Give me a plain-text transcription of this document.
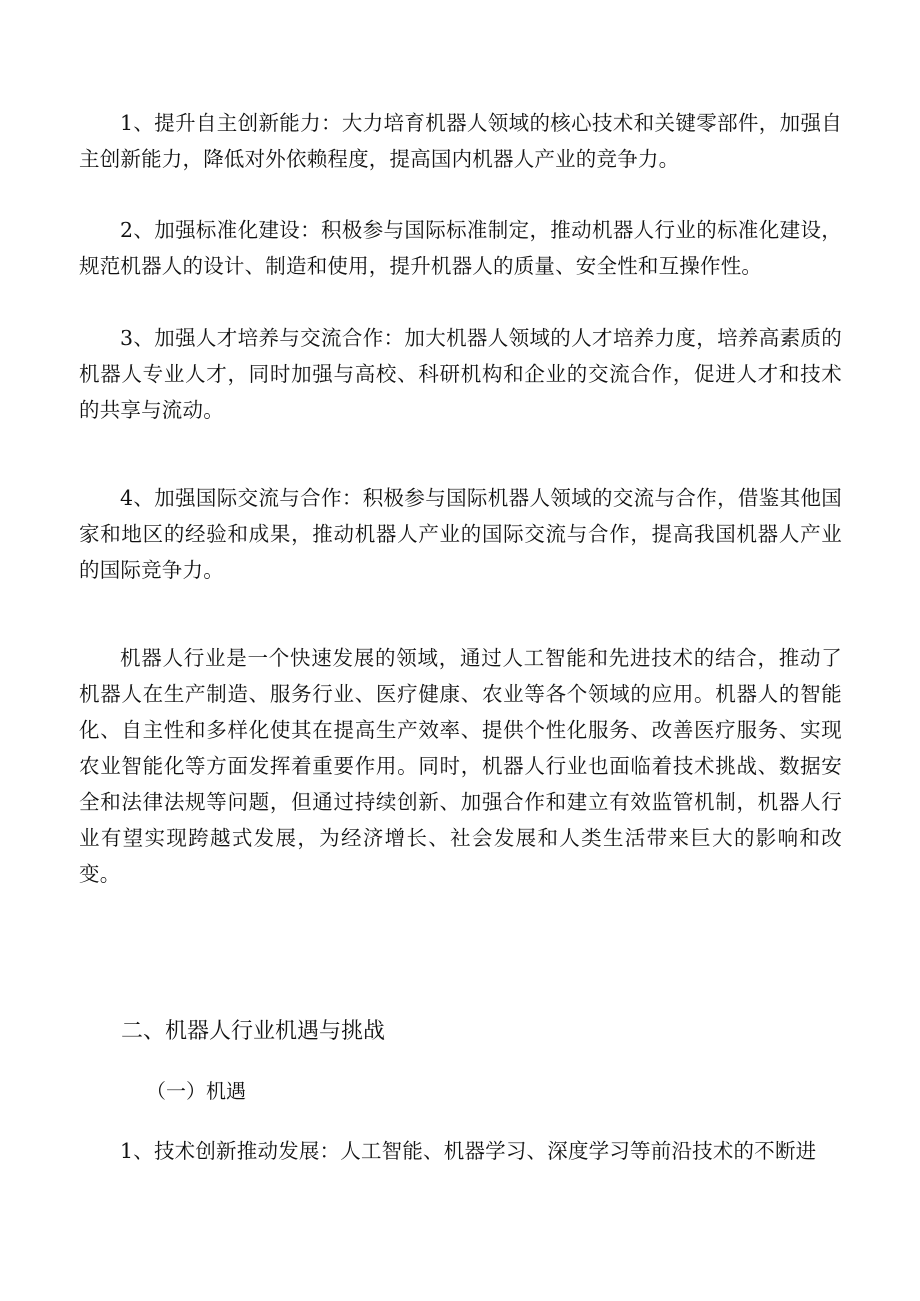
1、提升自主创新能力：大力培育机器人领域的核心技术和关键零部件，加强自主创新能力，降低对外依赖程度，提高国内机器人产业的竞争力。

2、加强标准化建设：积极参与国际标准制定，推动机器人行业的标准化建设，规范机器人的设计、制造和使用，提升机器人的质量、安全性和互操作性。

3、加强人才培养与交流合作：加大机器人领域的人才培养力度，培养高素质的机器人专业人才，同时加强与高校、科研机构和企业的交流合作，促进人才和技术的共享与流动。

4、加强国际交流与合作：积极参与国际机器人领域的交流与合作，借鉴其他国家和地区的经验和成果，推动机器人产业的国际交流与合作，提高我国机器人产业的国际竞争力。

机器人行业是一个快速发展的领域，通过人工智能和先进技术的结合，推动了机器人在生产制造、服务行业、医疗健康、农业等各个领域的应用。机器人的智能化、自主性和多样化使其在提高生产效率、提供个性化服务、改善医疗服务、实现农业智能化等方面发挥着重要作用。同时，机器人行业也面临着技术挑战、数据安全和法律法规等问题，但通过持续创新、加强合作和建立有效监管机制，机器人行业有望实现跨越式发展，为经济增长、社会发展和人类生活带来巨大的影响和改变。

二、机器人行业机遇与挑战
（一）机遇

1、技术创新推动发展：人工智能、机器学习、深度学习等前沿技术的不断进
